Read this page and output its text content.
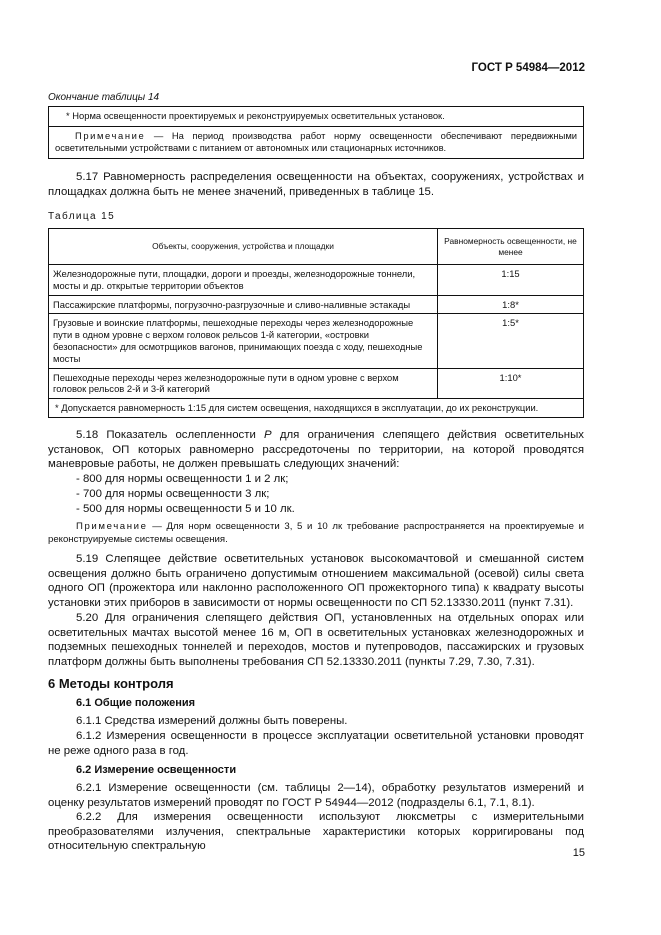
ГОСТ Р 54984—2012
Окончание таблицы 14
* Норма освещенности проектируемых и реконструируемых осветительных установок.
Примечание — На период производства работ норму освещенности обеспечивают передвижными осветительными устройствами с питанием от автономных или стационарных источников.
5.17 Равномерность распределения освещенности на объектах, сооружениях, устройствах и площадках должна быть не менее значений, приведенных в таблице 15.
Таблица 15
Объекты, сооружения, устройства и площадки	Равномерность освещенности, не менее
Железнодорожные пути, площадки, дороги и проезды, железнодорожные тоннели, мосты и др. открытые территории объектов	1:15
Пассажирские платформы, погрузочно-разгрузочные и сливо-наливные эстакады	1:8*
Грузовые и воинские платформы, пешеходные переходы через железнодорожные пути в одном уровне с верхом головок рельсов 1-й категории, «островки безопасности» для осмотрщиков вагонов, принимающих поезда с ходу, пешеходные мосты	1:5*
Пешеходные переходы через железнодорожные пути в одном уровне с верхом головок рельсов 2-й и 3-й категорий	1:10*
* Допускается равномерность 1:15 для систем освещения, находящихся в эксплуатации, до их реконструкции.	
5.18 Показатель ослепленности P для ограничения слепящего действия осветительных установок, ОП которых равномерно рассредоточены по территории, на которой проводятся маневровые работы, не должен превышать следующих значений:
- 800 для нормы освещенности 1 и 2 лк;
- 700 для нормы освещенности 3 лк;
- 500 для нормы освещенности 5 и 10 лк.
Примечание — Для норм освещенности 3, 5 и 10 лк требование распространяется на проектируемые и реконструируемые системы освещения.
5.19 Слепящее действие осветительных установок высокомачтовой и смешанной систем освещения должно быть ограничено допустимым отношением максимальной (осевой) силы света одного ОП (прожектора или наклонно расположенного ОП прожекторного типа) к квадрату высоты установки этих приборов в зависимости от нормы освещенности по СП 52.13330.2011 (пункт 7.31).
5.20 Для ограничения слепящего действия ОП, установленных на отдельных опорах или осветительных мачтах высотой менее 16 м, ОП в осветительных установках железнодорожных и подземных пешеходных тоннелей и переходов, мостов и путепроводов, пассажирских и грузовых платформ должны быть выполнены требования СП 52.13330.2011 (пункты 7.29, 7.30, 7.31).
6 Методы контроля
6.1 Общие положения
6.1.1 Средства измерений должны быть поверены.
6.1.2 Измерения освещенности в процессе эксплуатации осветительной установки проводят не реже одного раза в год.
6.2 Измерение освещенности
6.2.1 Измерение освещенности (см. таблицы 2—14), обработку результатов измерений и оценку результатов измерений проводят по ГОСТ Р 54944—2012 (подразделы 6.1, 7.1, 8.1).
6.2.2 Для измерения освещенности используют люксметры с измерительными преобразователями излучения, спектральные характеристики которых корригированы под относительную спектральную
15
